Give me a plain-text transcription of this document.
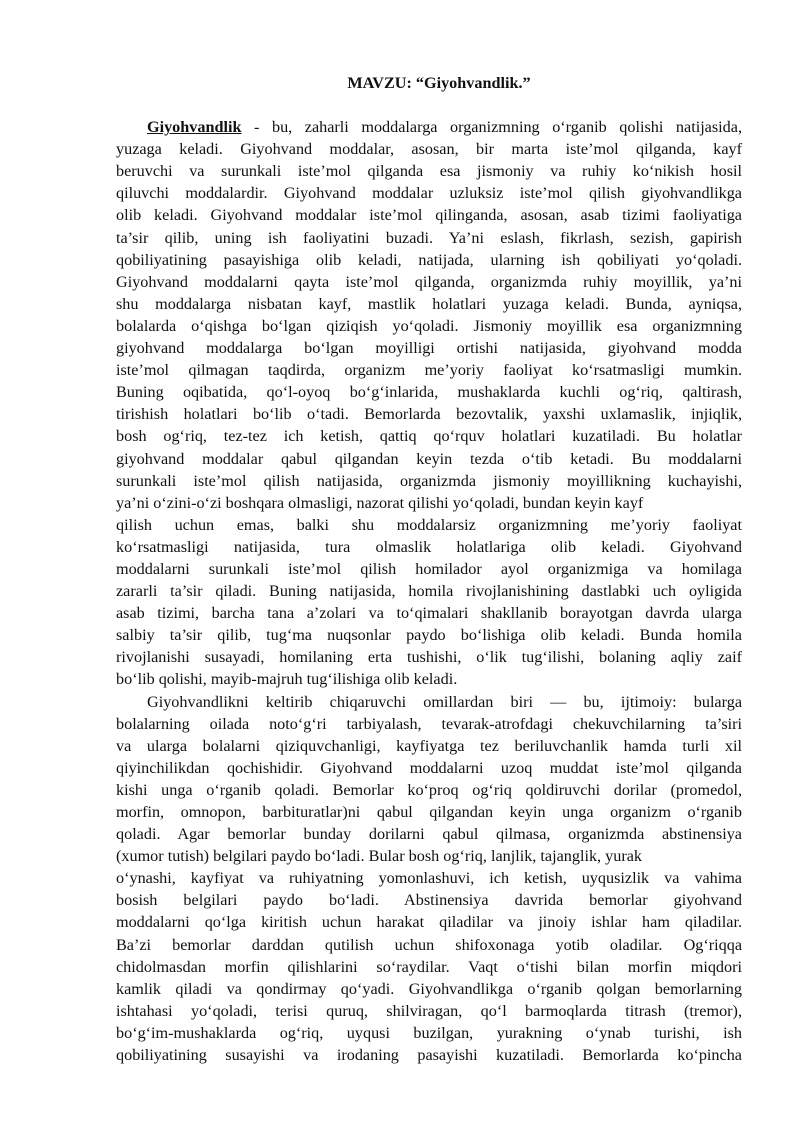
MAVZU: “Giyohvandlik.”
Giyohvandlik - bu, zaharli moddalarga organizmning o‘rganib qolishi natijasida,
yuzaga keladi. Giyohvand moddalar, asosan, bir marta iste’mol qilganda, kayf
beruvchi va surunkali iste’mol qilganda esa jismoniy va ruhiy ko‘nikish hosil
qiluvchi moddalardir. Giyohvand moddalar uzluksiz iste’mol qilish giyohvandlikga
olib keladi. Giyohvand moddalar iste’mol qilinganda, asosan, asab tizimi faoliyatiga
ta’sir qilib, uning ish faoliyatini buzadi. Ya’ni eslash, fikrlash, sezish, gapirish
qobiliyatining pasayishiga olib keladi, natijada, ularning ish qobiliyati yo‘qoladi.
Giyohvand moddalarni qayta iste’mol qilganda, organizmda ruhiy moyillik, ya’ni
shu moddalarga nisbatan kayf, mastlik holatlari yuzaga keladi. Bunda, ayniqsa,
bolalarda o‘qishga bo‘lgan qiziqish yo‘qoladi. Jismoniy moyillik esa organizmning
giyohvand moddalarga bo‘lgan moyilligi ortishi natijasida, giyohvand modda
iste’mol qilmagan taqdirda, organizm me’yoriy faoliyat ko‘rsatmasligi mumkin.
Buning oqibatida, qo‘l-oyoq bo‘g‘inlarida, mushaklarda kuchli og‘riq, qaltirash,
tirishish holatlari bo‘lib o‘tadi. Bemorlarda bezovtalik, yaxshi uxlamaslik, injiqlik,
bosh og‘riq, tez-tez ich ketish, qattiq qo‘rquv holatlari kuzatiladi. Bu holatlar
giyohvand moddalar qabul qilgandan keyin tezda o‘tib ketadi. Bu moddalarni
surunkali iste’mol qilish natijasida, organizmda jismoniy moyillikning kuchayishi,
ya’ni o‘zini-o‘zi boshqara olmasligi, nazorat qilishi yo‘qoladi, bundan keyin kayf
qilish uchun emas, balki shu moddalarsiz organizmning me’yoriy faoliyat
ko‘rsatmasligi natijasida, tura olmaslik holatlariga olib keladi. Giyohvand
moddalarni surunkali iste’mol qilish homilador ayol organizmiga va homilaga
zararli ta’sir qiladi. Buning natijasida, homila rivojlanishining dastlabki uch oyligida
asab tizimi, barcha tana a’zolari va to‘qimalari shakllanib borayotgan davrda ularga
salbiy ta’sir qilib, tug‘ma nuqsonlar paydo bo‘lishiga olib keladi. Bunda homila
rivojlanishi susayadi, homilaning erta tushishi, o‘lik tug‘ilishi, bolaning aqliy zaif
bo‘lib qolishi, mayib-majruh tug‘ilishiga olib keladi.
Giyohvandlikni keltirib chiqaruvchi omillardan biri — bu, ijtimoiy: bularga
bolalarning oilada noto‘g‘ri tarbiyalash, tevarak-atrofdagi chekuvchilarning ta’siri
va ularga bolalarni qiziquvchanligi, kayfiyatga tez beriluvchanlik hamda turli xil
qiyinchilikdan qochishidir. Giyohvand moddalarni uzoq muddat iste’mol qilganda
kishi unga o‘rganib qoladi. Bemorlar ko‘proq og‘riq qoldiruvchi dorilar (promedol,
morfin, omnopon, barbituratlar)ni qabul qilgandan keyin unga organizm o‘rganib
qoladi. Agar bemorlar bunday dorilarni qabul qilmasa, organizmda abstinensiya
(xumor tutish) belgilari paydo bo‘ladi. Bular bosh og‘riq, lanjlik, tajanglik, yurak
o‘ynashi, kayfiyat va ruhiyatning yomonlashuvi, ich ketish, uyqusizlik va vahima
bosish belgilari paydo bo‘ladi. Abstinensiya davrida bemorlar giyohvand
moddalarni qo‘lga kiritish uchun harakat qiladilar va jinoiy ishlar ham qiladilar.
Ba’zi bemorlar darddan qutilish uchun shifoxonaga yotib oladilar. Og‘riqqa
chidolmasdan morfin qilishlarini so‘raydilar. Vaqt o‘tishi bilan morfin miqdori
kamlik qiladi va qondirmay qo‘yadi. Giyohvandlikga o‘rganib qolgan bemorlarning
ishtahasi yo‘qoladi, terisi quruq, shilviragan, qo‘l barmoqlarda titrash (tremor),
bo‘g‘im-mushaklarda og‘riq, uyqusi buzilgan, yurakning o‘ynab turishi, ish
qobiliyatining susayishi va irodaning pasayishi kuzatiladi. Bemorlarda ko‘pincha
